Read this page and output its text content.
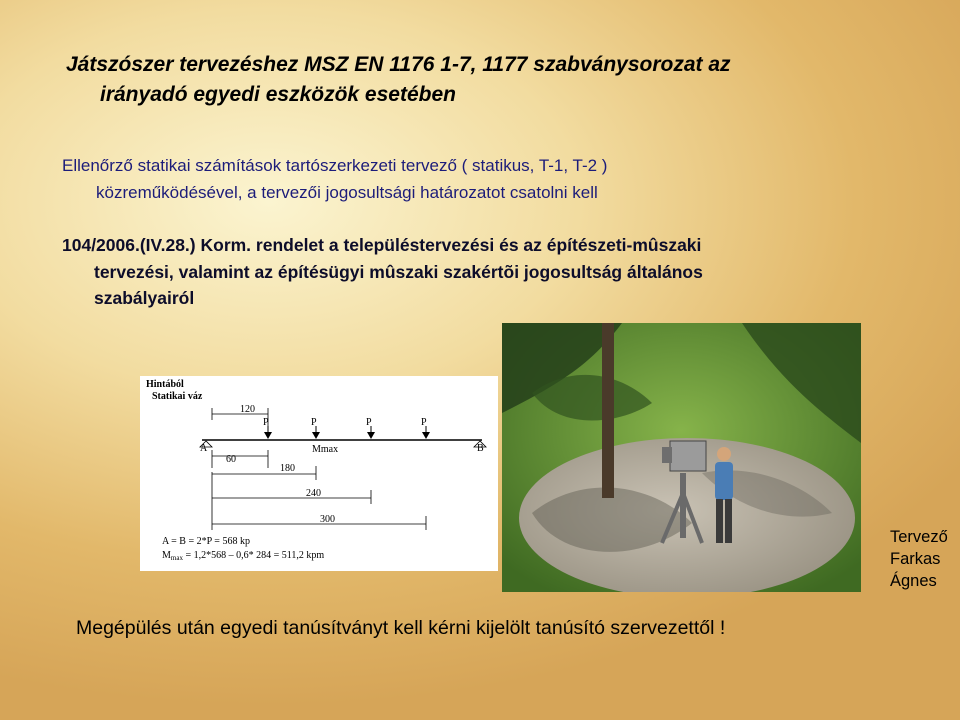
Játszószer tervezéshez MSZ EN 1176 1-7, 1177 szabványsorozat az
irányadó egyedi eszközök esetében
Ellenőrző statikai számítások tartószerkezeti tervező ( statikus, T-1, T-2 )
közreműködésével, a tervezői jogosultsági határozatot csatolni kell
104/2006.(IV.28.) Korm. rendelet a településtervezési és az építészeti-mûszaki
tervezési, valamint az építésügyi mûszaki szakértõi jogosultság általános
szabályairól
Hintából
Statikai váz
120
P	P	P	P
A	B
Mmax
60
180
240
300
A = B = 2*P = 568 kp
$M_{max} = 1,2*568 - 0,6*$ 284 = 511,2 kpm
Tervező
Farkas
Ágnes
Megépülés után egyedi tanúsítványt kell kérni kijelölt tanúsító szervezettől !
